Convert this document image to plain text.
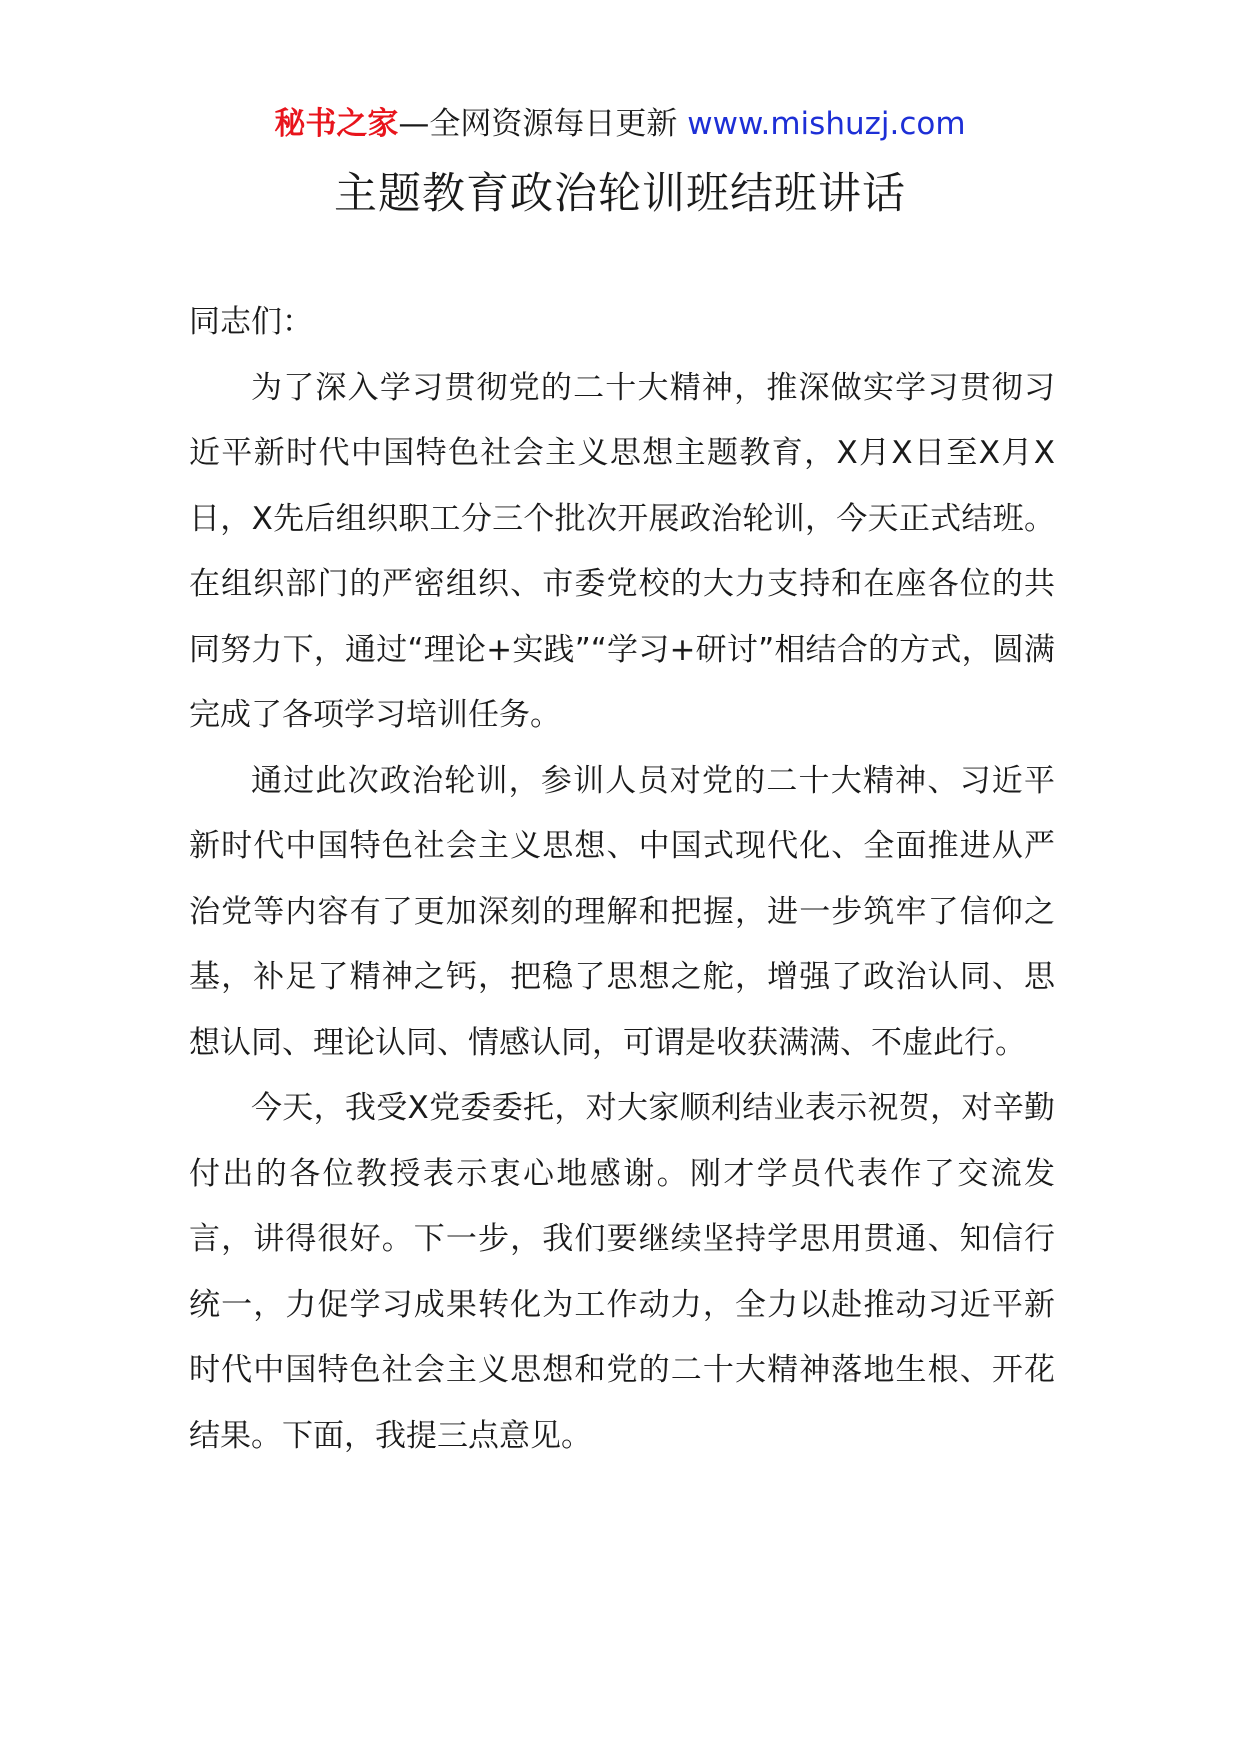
秘书之家—全网资源每日更新 www.mishuzj.com
主题教育政治轮训班结班讲话

同志们：

为了深入学习贯彻党的二十大精神，推深做实学习贯彻习近平新时代中国特色社会主义思想主题教育，X月X日至X月X日，X先后组织职工分三个批次开展政治轮训，今天正式结班。在组织部门的严密组织、市委党校的大力支持和在座各位的共同努力下，通过“理论+实践”“学习+研讨”相结合的方式，圆满完成了各项学习培训任务。

通过此次政治轮训，参训人员对党的二十大精神、习近平新时代中国特色社会主义思想、中国式现代化、全面推进从严治党等内容有了更加深刻的理解和把握，进一步筑牢了信仰之基，补足了精神之钙，把稳了思想之舵，增强了政治认同、思想认同、理论认同、情感认同，可谓是收获满满、不虚此行。

今天，我受X党委委托，对大家顺利结业表示祝贺，对辛勤付出的各位教授表示衷心地感谢。刚才学员代表作了交流发言，讲得很好。下一步，我们要继续坚持学思用贯通、知信行统一，力促学习成果转化为工作动力，全力以赴推动习近平新时代中国特色社会主义思想和党的二十大精神落地生根、开花结果。下面，我提三点意见。
